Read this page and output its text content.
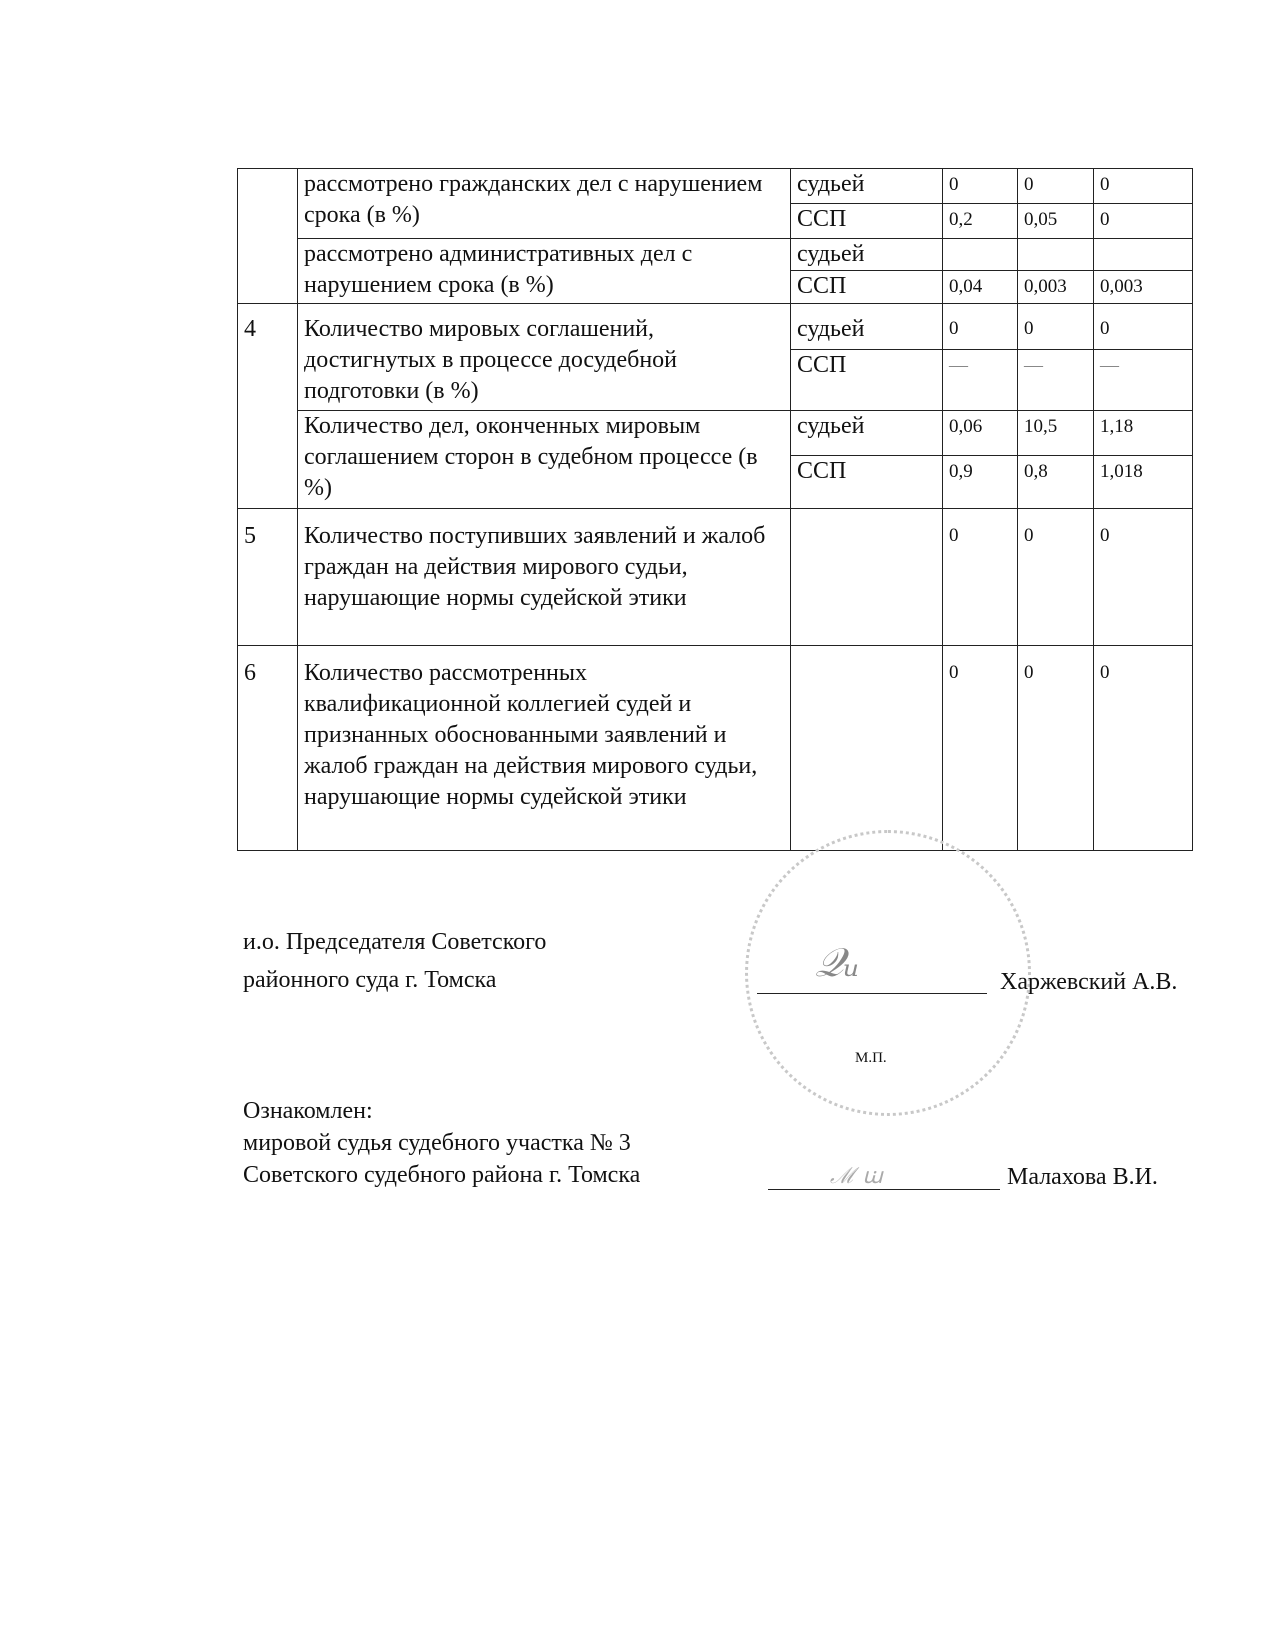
	рассмотрено гражданских дел с нарушением срока (в %)	судьей	0	0	0
		ССП	0,2	0,05	0
	рассмотрено административных дел с нарушением срока (в %)	судьей			
		ССП	0,04	0,003	0,003
4	Количество мировых соглашений, достигнутых в процессе досудебной подготовки (в %)	судьей	0	0	0
		ССП	—	—	—
	Количество дел, оконченных мировым соглашением сторон в судебном процессе (в %)	судьей	0,06	10,5	1,18
		ССП	0,9	0,8	1,018
5	Количество поступивших заявлений и жалоб граждан на действия мирового судьи, нарушающие нормы судейской этики		0	0	0
6	Количество рассмотренных квалификационной коллегией судей и признанных обоснованными заявлений и жалоб граждан на действия мирового судьи, нарушающие нормы судейской этики		0	0	0
М.П.
и.о. Председателя Советского
районного суда г. Томска	𝒬ᵤ	Харжевский А.В.
Ознакомлен:
мировой судья судебного участка № 3
Советского судебного района г. Томска	ℳ ꭐ	Малахова В.И.
